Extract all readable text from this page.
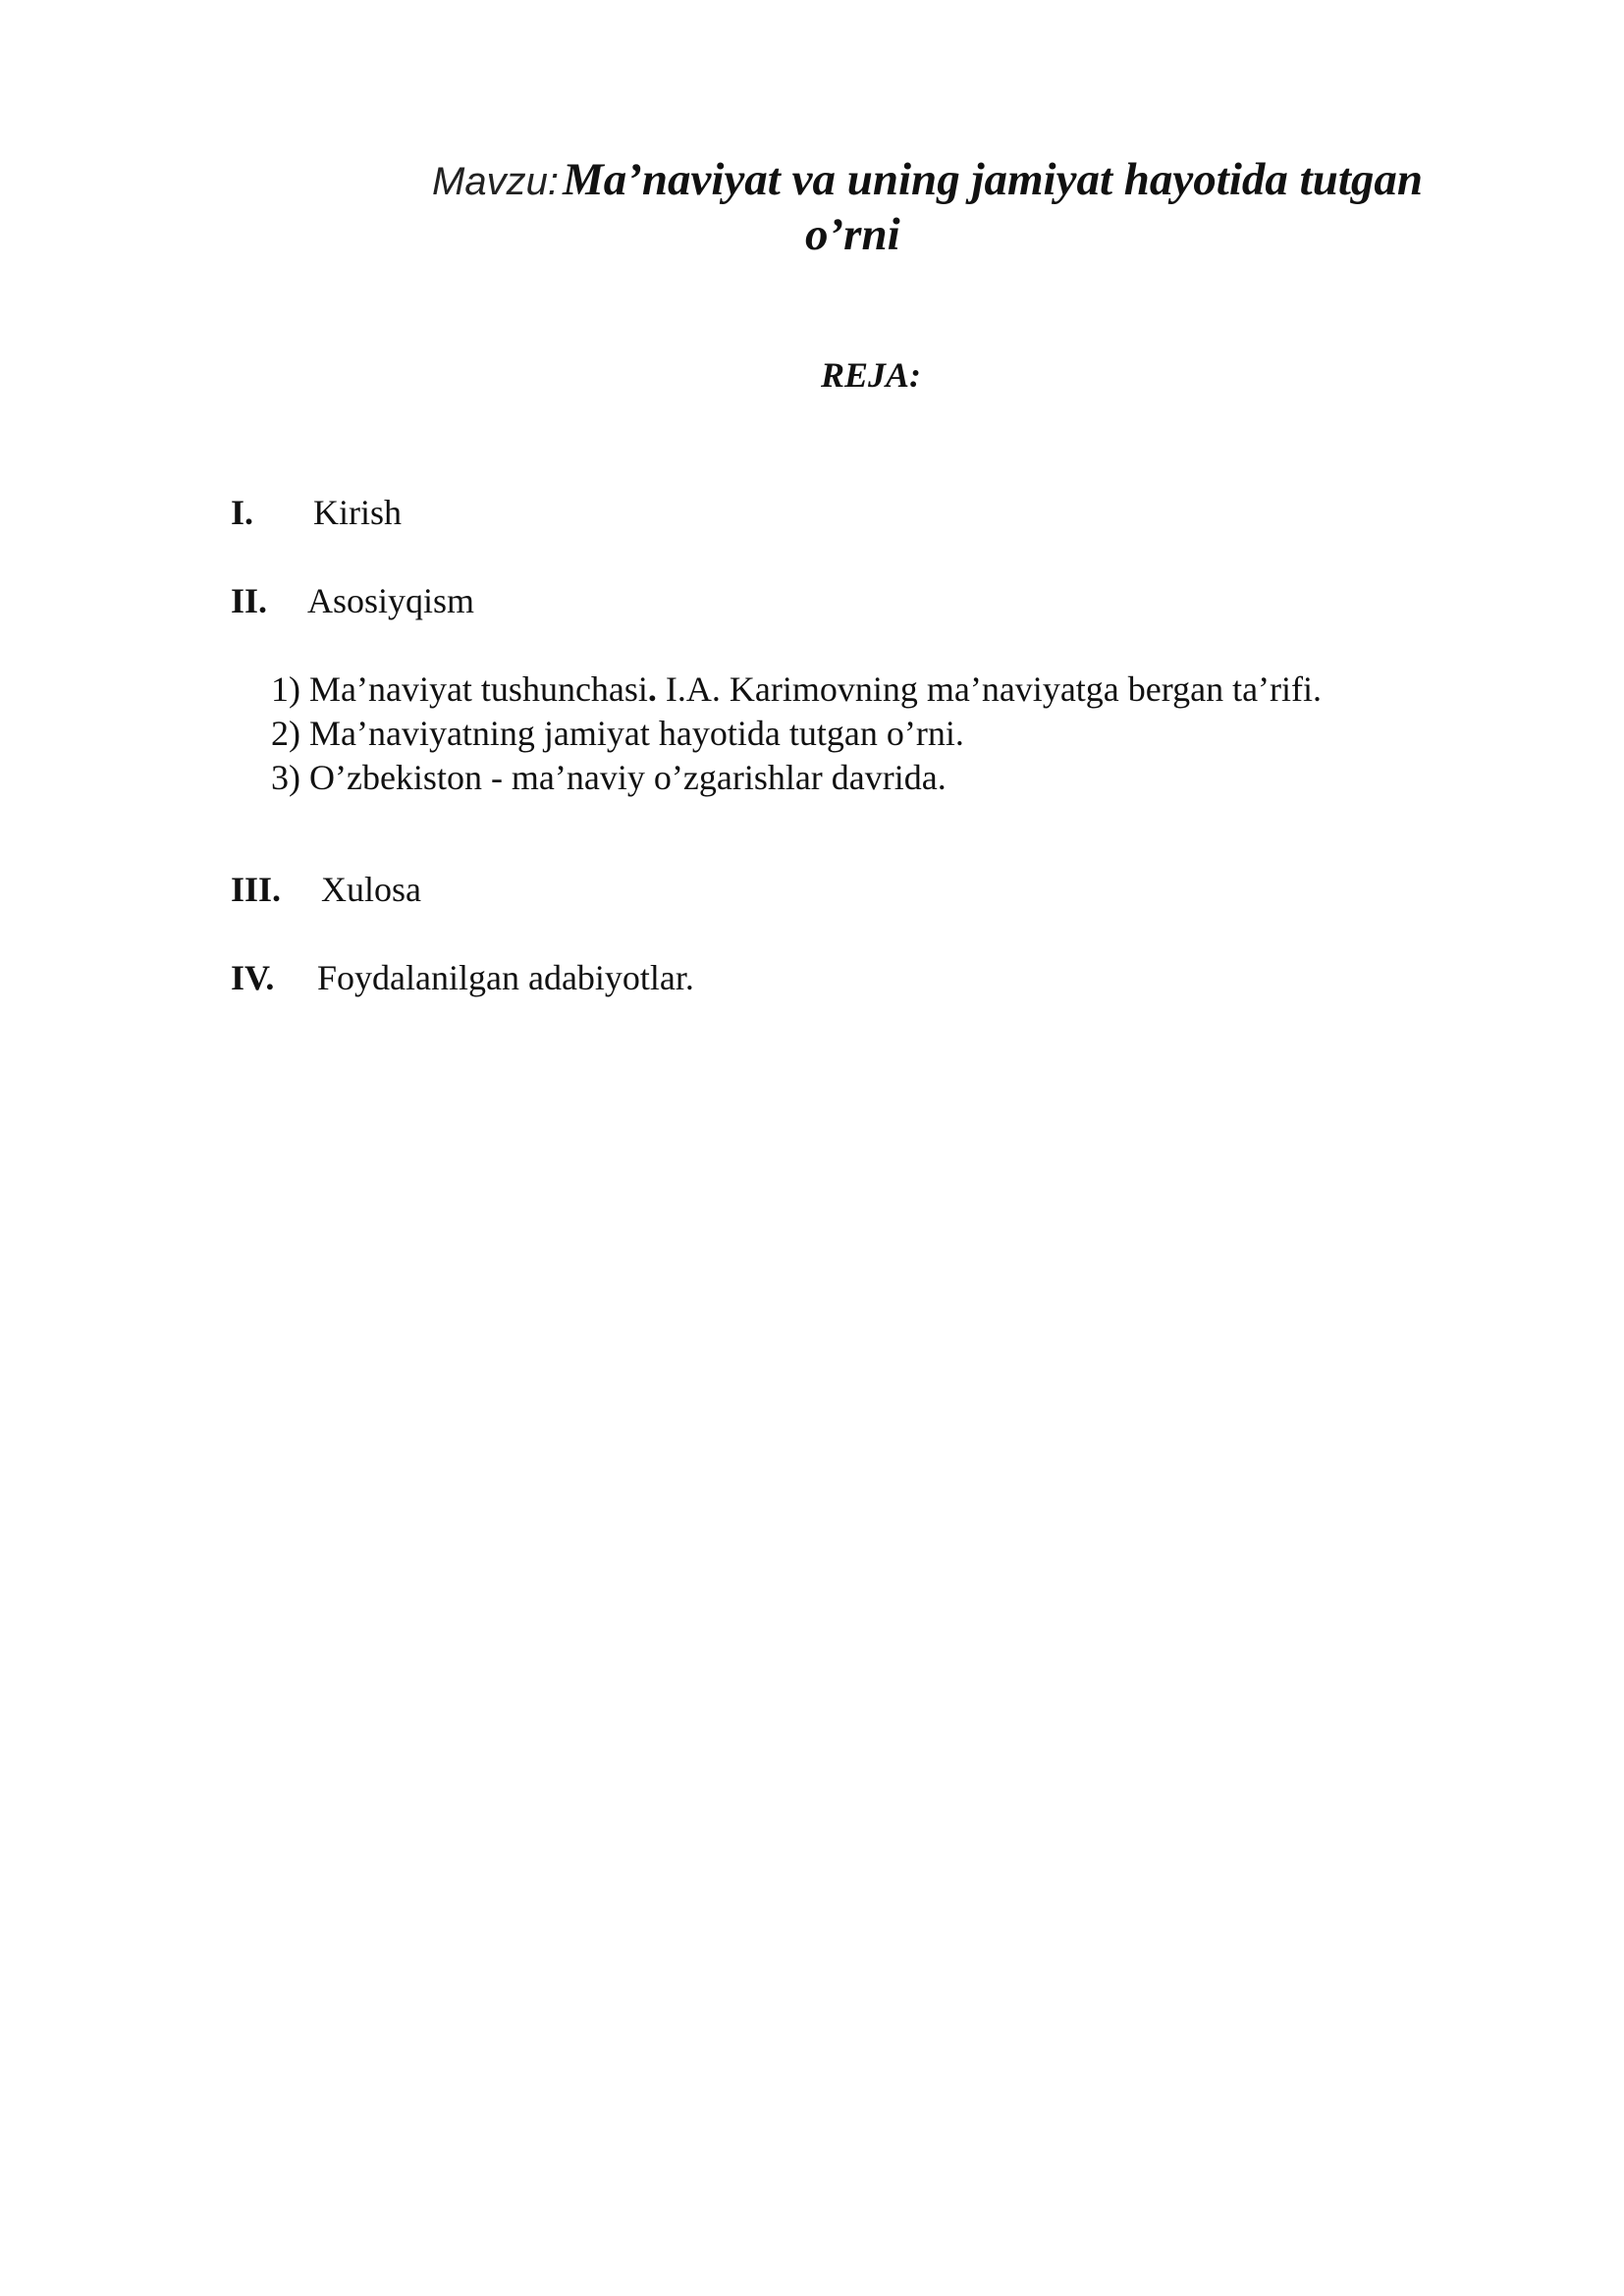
Mavzu: Ma’naviyat va uning jamiyat hayotida tutgan
o’rni
REJA:
I. Kirish
II. Asosiyqism
1) Ma’naviyat tushunchasi. I.A. Karimovning ma’naviyatga bergan ta’rifi.
2) Ma’naviyatning jamiyat hayotida tutgan o’rni.
3) O’zbekiston - ma’naviy o’zgarishlar davrida.
III. Xulosa
IV. Foydalanilgan adabiyotlar.
